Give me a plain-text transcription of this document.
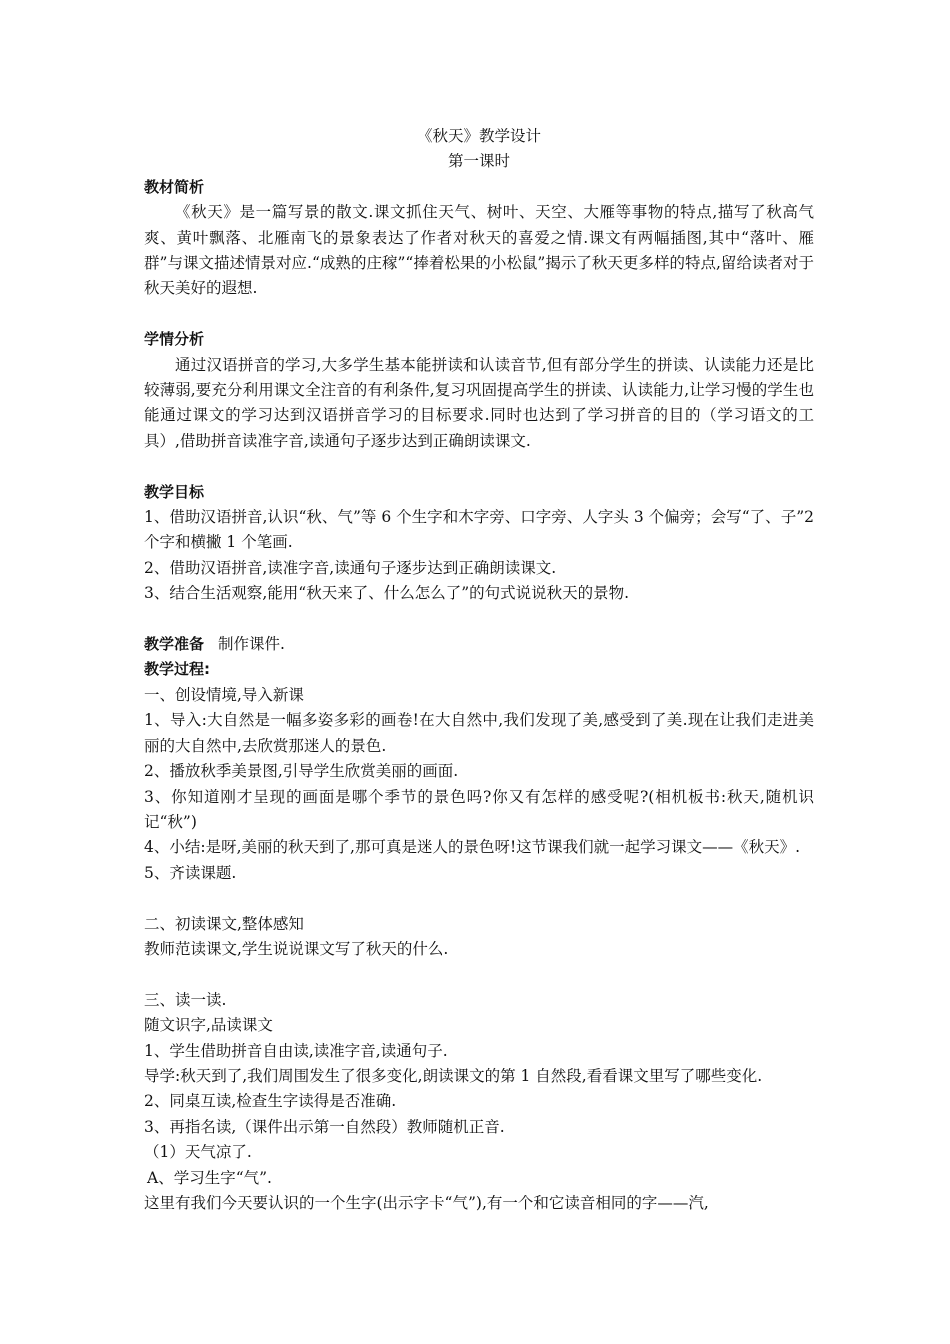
《秋天》教学设计

第一课时

教材简析

《秋天》是一篇写景的散文.课文抓住天气、树叶、天空、大雁等事物的特点,描写了秋高气爽、黄叶飘落、北雁南飞的景象表达了作者对秋天的喜爱之情.课文有两幅插图,其中“落叶、雁群”与课文描述情景对应.“成熟的庄稼”“捧着松果的小松鼠”揭示了秋天更多样的特点,留给读者对于秋天美好的遐想.

学情分析

通过汉语拼音的学习,大多学生基本能拼读和认读音节,但有部分学生的拼读、认读能力还是比较薄弱,要充分利用课文全注音的有利条件,复习巩固提高学生的拼读、认读能力,让学习慢的学生也能通过课文的学习达到汉语拼音学习的目标要求.同时也达到了学习拼音的目的（学习语文的工具）,借助拼音读准字音,读通句子逐步达到正确朗读课文.

教学目标

1、借助汉语拼音,认识“秋、气”等 6 个生字和木字旁、口字旁、人字头 3 个偏旁；会写“了、子”2 个字和横撇 1 个笔画.

2、借助汉语拼音,读准字音,读通句子逐步达到正确朗读课文.

3、结合生活观察,能用“秋天来了、什么怎么了”的句式说说秋天的景物.

教学准备 制作课件.

教学过程:

一、创设情境,导入新课

1、导入:大自然是一幅多姿多彩的画卷!在大自然中,我们发现了美,感受到了美.现在让我们走进美丽的大自然中,去欣赏那迷人的景色.

2、播放秋季美景图,引导学生欣赏美丽的画面.

3、你知道刚才呈现的画面是哪个季节的景色吗?你又有怎样的感受呢?(相机板书:秋天,随机识记“秋”)

4、小结:是呀,美丽的秋天到了,那可真是迷人的景色呀!这节课我们就一起学习课文——《秋天》.

5、齐读课题.

二、初读课文,整体感知

教师范读课文,学生说说课文写了秋天的什么.

三、读一读.

随文识字,品读课文

1、学生借助拼音自由读,读准字音,读通句子.

导学:秋天到了,我们周围发生了很多变化,朗读课文的第 1 自然段,看看课文里写了哪些变化.

2、同桌互读,检查生字读得是否准确.

3、再指名读,（课件出示第一自然段）教师随机正音.

（1）天气凉了.

A、学习生字“气”.

这里有我们今天要认识的一个生字(出示字卡“气”),有一个和它读音相同的字——汽,
